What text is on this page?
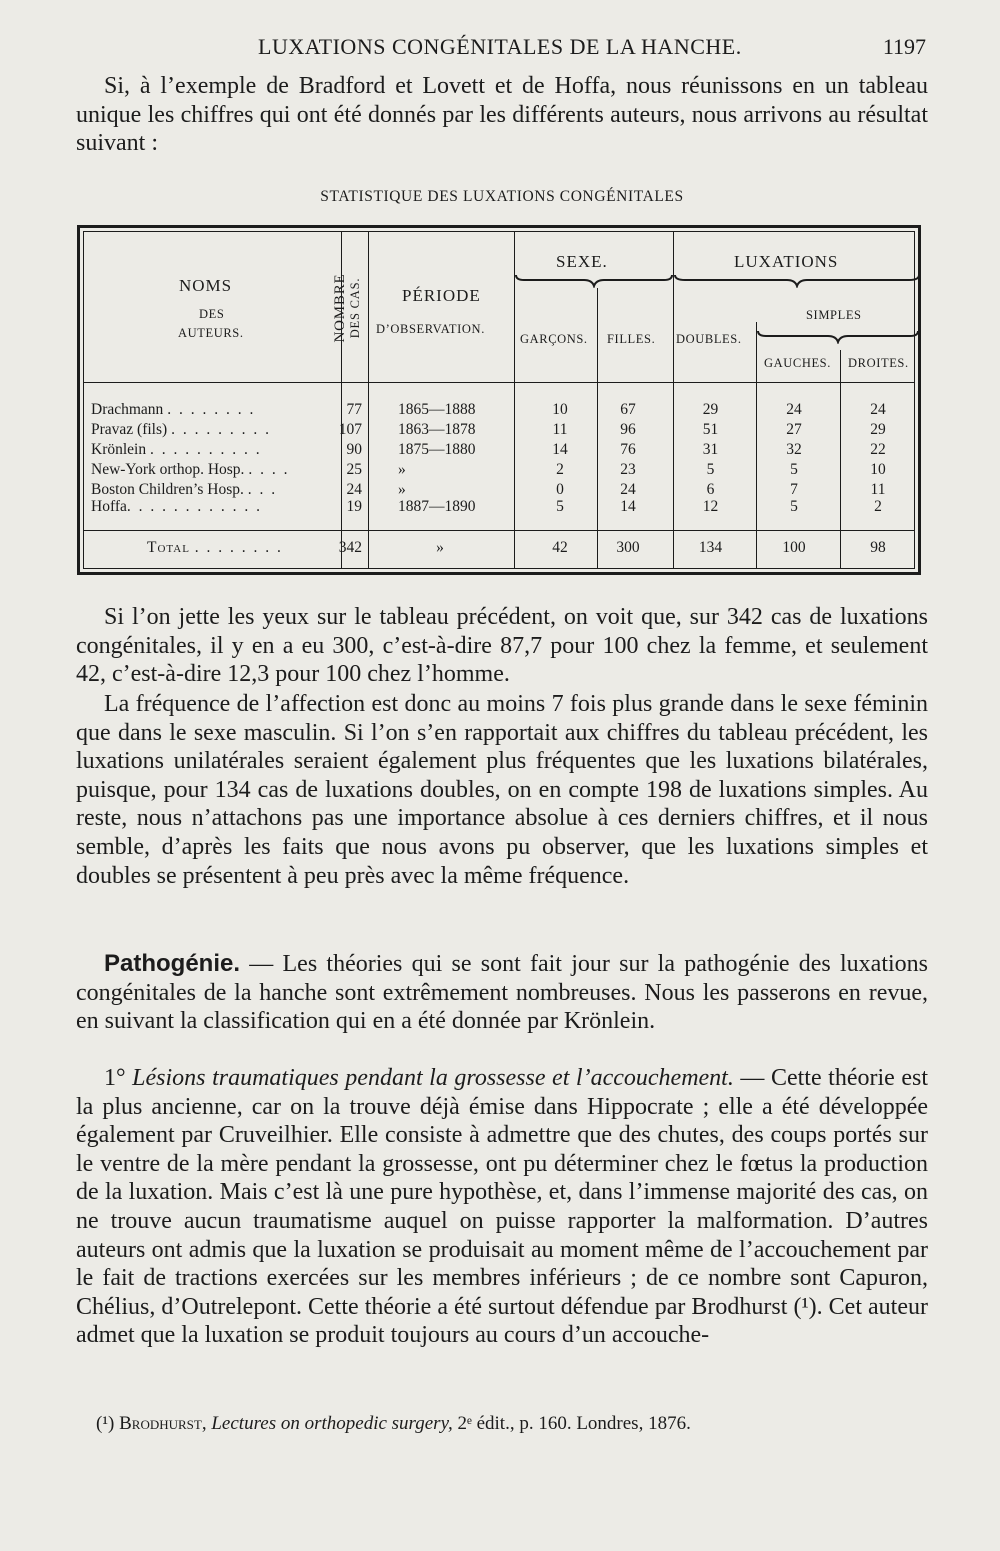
LUXATIONS CONGÉNITALES DE LA HANCHE.	1197

Si, à l’exemple de Bradford et Lovett et de Hoffa, nous réunissons en un tableau unique les chiffres qui ont été donnés par les différents auteurs, nous arrivons au résultat suivant :

STATISTIQUE DES LUXATIONS CONGÉNITALES
NOMS
DES
AUTEURS.
PÉRIODE
D’OBSERVATION.
SEXE.
GARÇONS. FILLES.
LUXATIONS
DOUBLES.
SIMPLES
GAUCHES. DROITES.
NOMBRE DES CAS.
Drachmann . . . . . . . .	77 1865—1888	10	67	29	24	24
Pravaz (fils) . . . . . . . . .	107 1863—1878	11	96	51	27	29
Krönlein . . . . . . . . . .	90 1875—1880	14	76	31	32	22
New-York orthop. Hosp. . . . .	25 »	2	23	5	5	10
Boston Children’s Hosp. . . .	24 »	0	24	6	7	11
Hoffa. . . . . . . . . . . .	19 1887—1890	5	14	12	5	2
Total . . . . . . . .	342	»	42	300	134	100	98

Si l’on jette les yeux sur le tableau précédent, on voit que, sur 342 cas de luxations congénitales, il y en a eu 300, c’est-à-dire 87,7 pour 100 chez la femme, et seulement 42, c’est-à-dire 12,3 pour 100 chez l’homme.

La fréquence de l’affection est donc au moins 7 fois plus grande dans le sexe féminin que dans le sexe masculin. Si l’on s’en rapportait aux chiffres du tableau précédent, les luxations unilatérales seraient également plus fréquentes que les luxations bilatérales, puisque, pour 134 cas de luxations doubles, on en compte 198 de luxations simples. Au reste, nous n’attachons pas une importance absolue à ces derniers chiffres, et il nous semble, d’après les faits que nous avons pu observer, que les luxations simples et doubles se présentent à peu près avec la même fréquence.

Pathogénie. — Les théories qui se sont fait jour sur la pathogénie des luxations congénitales de la hanche sont extrêmement nombreuses. Nous les passerons en revue, en suivant la classification qui en a été donnée par Krönlein.

1° Lésions traumatiques pendant la grossesse et l’accouchement. — Cette théorie est la plus ancienne, car on la trouve déjà émise dans Hippocrate ; elle a été développée également par Cruveilhier. Elle consiste à admettre que des chutes, des coups portés sur le ventre de la mère pendant la grossesse, ont pu déterminer chez le fœtus la production de la luxation. Mais c’est là une pure hypothèse, et, dans l’immense majorité des cas, on ne trouve aucun traumatisme auquel on puisse rapporter la malformation. D’autres auteurs ont admis que la luxation se produisait au moment même de l’accouchement par le fait de tractions exercées sur les membres inférieurs ; de ce nombre sont Capuron, Chélius, d’Outrelepont. Cette théorie a été surtout défendue par Brodhurst (¹). Cet auteur admet que la luxation se produit toujours au cours d’un accouche-

(¹) Brodhurst, Lectures on orthopedic surgery, 2ᵉ édit., p. 160. Londres, 1876.
